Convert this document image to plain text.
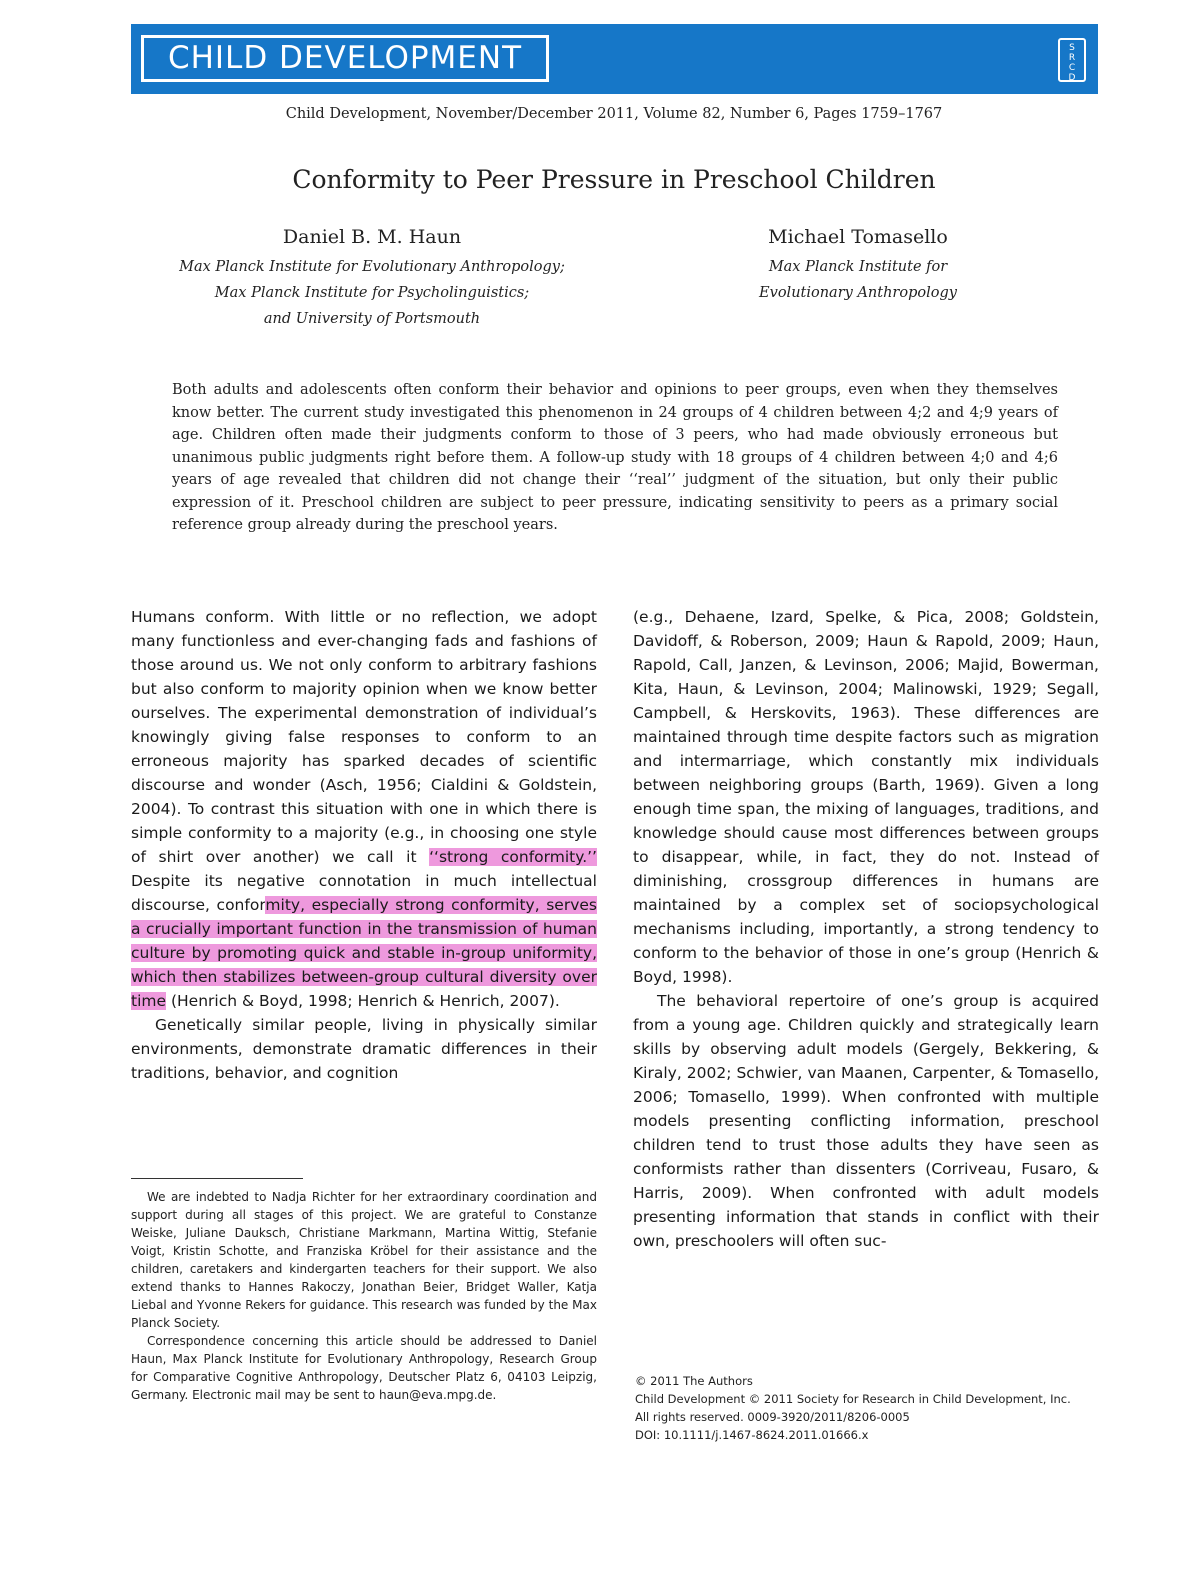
CHILD DEVELOPMENT	SRCD
Child Development, November/December 2011, Volume 82, Number 6, Pages 1759–1767
Conformity to Peer Pressure in Preschool Children
Daniel B. M. Haun
Max Planck Institute for Evolutionary Anthropology;
Max Planck Institute for Psycholinguistics;
and University of Portsmouth
Michael Tomasello
Max Planck Institute for
Evolutionary Anthropology
Both adults and adolescents often conform their behavior and opinions to peer groups, even when they themselves know better. The current study investigated this phenomenon in 24 groups of 4 children between 4;2 and 4;9 years of age. Children often made their judgments conform to those of 3 peers, who had made obviously erroneous but unanimous public judgments right before them. A follow-up study with 18 groups of 4 children between 4;0 and 4;6 years of age revealed that children did not change their ‘‘real’’ judgment of the situation, but only their public expression of it. Preschool children are subject to peer pressure, indicating sensitivity to peers as a primary social reference group already during the preschool years.

Humans conform. With little or no reflection, we adopt many functionless and ever-changing fads and fashions of those around us. We not only conform to arbitrary fashions but also conform to majority opinion when we know better ourselves. The experimental demonstration of individual’s knowingly giving false responses to conform to an erroneous majority has sparked decades of scientific discourse and wonder (Asch, 1956; Cialdini & Goldstein, 2004). To contrast this situation with one in which there is simple conformity to a majority (e.g., in choosing one style of shirt over another) we call it ‘‘strong conformity.’’ Despite its negative connotation in much intellectual discourse, conformity, especially strong conformity, serves a crucially important function in the transmission of human culture by promoting quick and stable in-group uniformity, which then stabilizes between-group cultural diversity over time (Henrich & Boyd, 1998; Henrich & Henrich, 2007).

Genetically similar people, living in physically similar environments, demonstrate dramatic differences in their traditions, behavior, and cognition

(e.g., Dehaene, Izard, Spelke, & Pica, 2008; Goldstein, Davidoff, & Roberson, 2009; Haun & Rapold, 2009; Haun, Rapold, Call, Janzen, & Levinson, 2006; Majid, Bowerman, Kita, Haun, & Levinson, 2004; Malinowski, 1929; Segall, Campbell, & Herskovits, 1963). These differences are maintained through time despite factors such as migration and intermarriage, which constantly mix individuals between neighboring groups (Barth, 1969). Given a long enough time span, the mixing of languages, traditions, and knowledge should cause most differences between groups to disappear, while, in fact, they do not. Instead of diminishing, crossgroup differences in humans are maintained by a complex set of sociopsychological mechanisms including, importantly, a strong tendency to conform to the behavior of those in one’s group (Henrich & Boyd, 1998).

The behavioral repertoire of one’s group is acquired from a young age. Children quickly and strategically learn skills by observing adult models (Gergely, Bekkering, & Kiraly, 2002; Schwier, van Maanen, Carpenter, & Tomasello, 2006; Tomasello, 1999). When confronted with multiple models presenting conflicting information, preschool children tend to trust those adults they have seen as conformists rather than dissenters (Corriveau, Fusaro, & Harris, 2009). When confronted with adult models presenting information that stands in conflict with their own, preschoolers will often suc-

We are indebted to Nadja Richter for her extraordinary coordination and support during all stages of this project. We are grateful to Constanze Weiske, Juliane Dauksch, Christiane Markmann, Martina Wittig, Stefanie Voigt, Kristin Schotte, and Franziska Kröbel for their assistance and the children, caretakers and kindergarten teachers for their support. We also extend thanks to Hannes Rakoczy, Jonathan Beier, Bridget Waller, Katja Liebal and Yvonne Rekers for guidance. This research was funded by the Max Planck Society.

Correspondence concerning this article should be addressed to Daniel Haun, Max Planck Institute for Evolutionary Anthropology, Research Group for Comparative Cognitive Anthropology, Deutscher Platz 6, 04103 Leipzig, Germany. Electronic mail may be sent to haun@eva.mpg.de.

© 2011 The Authors
Child Development © 2011 Society for Research in Child Development, Inc.
All rights reserved. 0009-3920/2011/8206-0005
DOI: 10.1111/j.1467-8624.2011.01666.x
